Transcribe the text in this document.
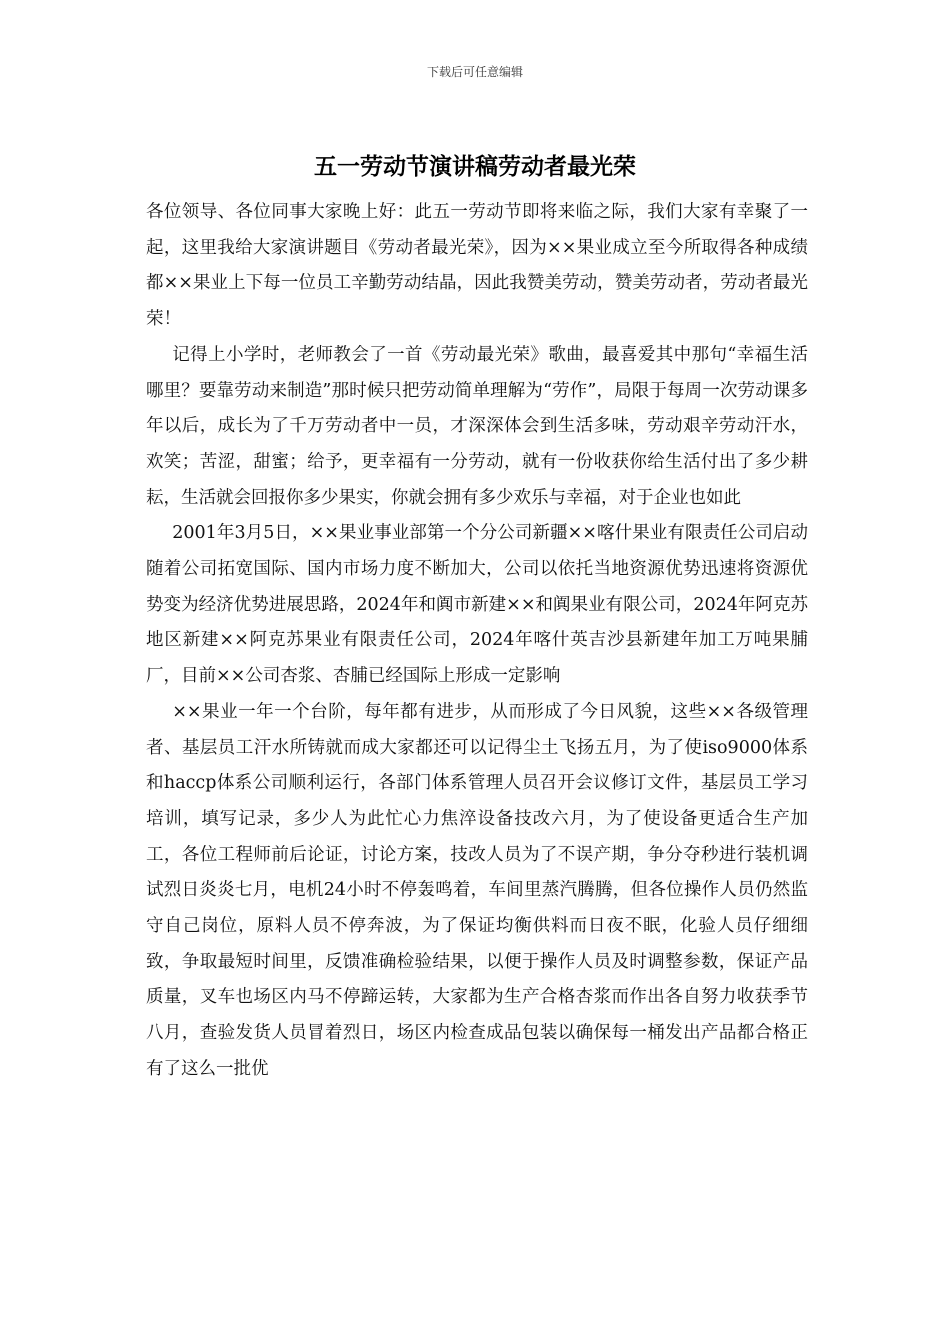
下载后可任意编辑
五一劳动节演讲稿劳动者最光荣

各位领导、各位同事大家晚上好：此五一劳动节即将来临之际，我们大家有幸聚了一起，这里我给大家演讲题目《劳动者最光荣》，因为××果业成立至今所取得各种成绩都××果业上下每一位员工辛勤劳动结晶，因此我赞美劳动，赞美劳动者，劳动者最光荣！

记得上小学时，老师教会了一首《劳动最光荣》歌曲，最喜爱其中那句“幸福生活哪里？要靠劳动来制造”那时候只把劳动简单理解为“劳作”，局限于每周一次劳动课多年以后，成长为了千万劳动者中一员，才深深体会到生活多味，劳动艰辛劳动汗水，欢笑；苦涩，甜蜜；给予，更幸福有一分劳动，就有一份收获你给生活付出了多少耕耘，生活就会回报你多少果实，你就会拥有多少欢乐与幸福，对于企业也如此

2001年3月5日，××果业事业部第一个分公司新疆××喀什果业有限责任公司启动随着公司拓宽国际、国内市场力度不断加大，公司以依托当地资源优势迅速将资源优势变为经济优势进展思路，2024年和阗市新建××和阗果业有限公司，2024年阿克苏地区新建××阿克苏果业有限责任公司，2024年喀什英吉沙县新建年加工万吨果脯厂，目前××公司杏浆、杏脯已经国际上形成一定影响

××果业一年一个台阶，每年都有进步，从而形成了今日风貌，这些××各级管理者、基层员工汗水所铸就而成大家都还可以记得尘土飞扬五月，为了使iso9000体系和haccp体系公司顺利运行，各部门体系管理人员召开会议修订文件，基层员工学习培训，填写记录，多少人为此忙心力焦淬设备技改六月，为了使设备更适合生产加工，各位工程师前后论证，讨论方案，技改人员为了不误产期，争分夺秒进行装机调试烈日炎炎七月，电机24小时不停轰鸣着，车间里蒸汽腾腾，但各位操作人员仍然监守自己岗位，原料人员不停奔波，为了保证均衡供料而日夜不眠，化验人员仔细细致，争取最短时间里，反馈准确检验结果，以便于操作人员及时调整参数，保证产品质量，叉车也场区内马不停蹄运转，大家都为生产合格杏浆而作出各自努力收获季节八月，查验发货人员冒着烈日，场区内检查成品包装以确保每一桶发出产品都合格正有了这么一批优
